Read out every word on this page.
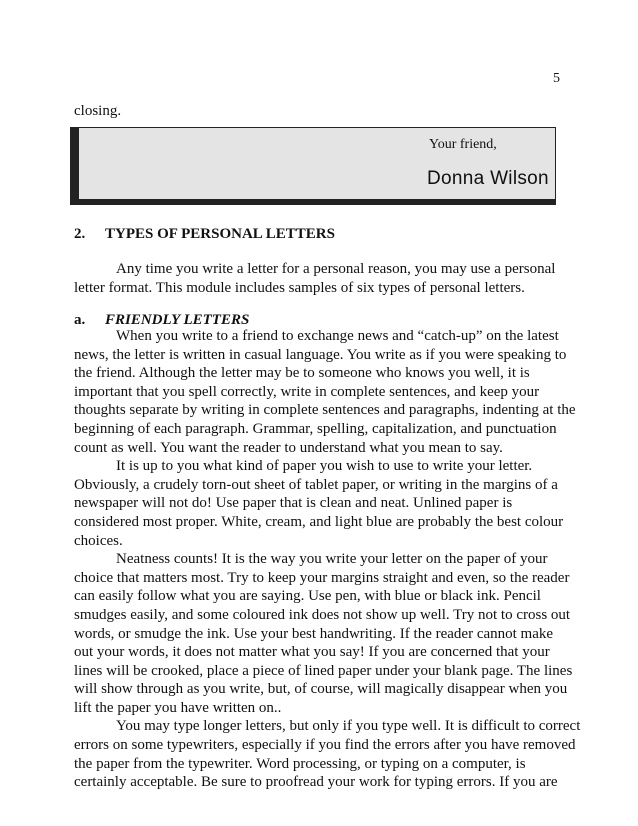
5
closing.
Your friend,
Donna Wilson
2. TYPES OF PERSONAL LETTERS
Any time you write a letter for a personal reason, you may use a personal
letter format. This module includes samples of six types of personal letters.
a. FRIENDLY LETTERS
When you write to a friend to exchange news and “catch-up” on the latest
news, the letter is written in casual language. You write as if you were speaking to
the friend. Although the letter may be to someone who knows you well, it is
important that you spell correctly, write in complete sentences, and keep your
thoughts separate by writing in complete sentences and paragraphs, indenting at the
beginning of each paragraph. Grammar, spelling, capitalization, and punctuation
count as well. You want the reader to understand what you mean to say.
It is up to you what kind of paper you wish to use to write your letter.
Obviously, a crudely torn-out sheet of tablet paper, or writing in the margins of a
newspaper will not do! Use paper that is clean and neat. Unlined paper is
considered most proper. White, cream, and light blue are probably the best colour
choices.
Neatness counts! It is the way you write your letter on the paper of your
choice that matters most. Try to keep your margins straight and even, so the reader
can easily follow what you are saying. Use pen, with blue or black ink. Pencil
smudges easily, and some coloured ink does not show up well. Try not to cross out
words, or smudge the ink. Use your best handwriting. If the reader cannot make
out your words, it does not matter what you say! If you are concerned that your
lines will be crooked, place a piece of lined paper under your blank page. The lines
will show through as you write, but, of course, will magically disappear when you
lift the paper you have written on..
You may type longer letters, but only if you type well. It is difficult to correct
errors on some typewriters, especially if you find the errors after you have removed
the paper from the typewriter. Word processing, or typing on a computer, is
certainly acceptable. Be sure to proofread your work for typing errors. If you are
